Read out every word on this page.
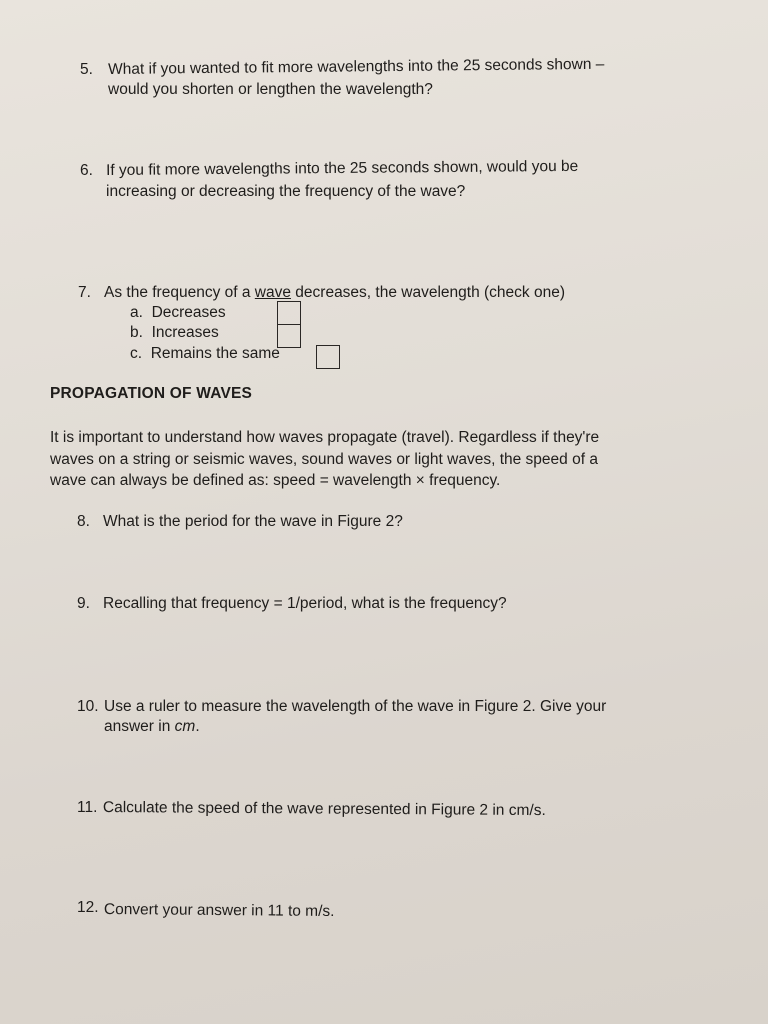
5. What if you wanted to fit more wavelengths into the 25 seconds shown –
would you shorten or lengthen the wavelength?
6. If you fit more wavelengths into the 25 seconds shown, would you be
increasing or decreasing the frequency of the wave?
7. As the frequency of a wave decreases, the wavelength (check one)
a. Decreases
b. Increases
c. Remains the same
PROPAGATION OF WAVES
It is important to understand how waves propagate (travel). Regardless if they're
waves on a string or seismic waves, sound waves or light waves, the speed of a
wave can always be defined as: speed = wavelength × frequency.
8. What is the period for the wave in Figure 2?
9. Recalling that frequency = 1/period, what is the frequency?
10. Use a ruler to measure the wavelength of the wave in Figure 2. Give your
answer in cm.
11. Calculate the speed of the wave represented in Figure 2 in cm/s.
12. Convert your answer in 11 to m/s.
